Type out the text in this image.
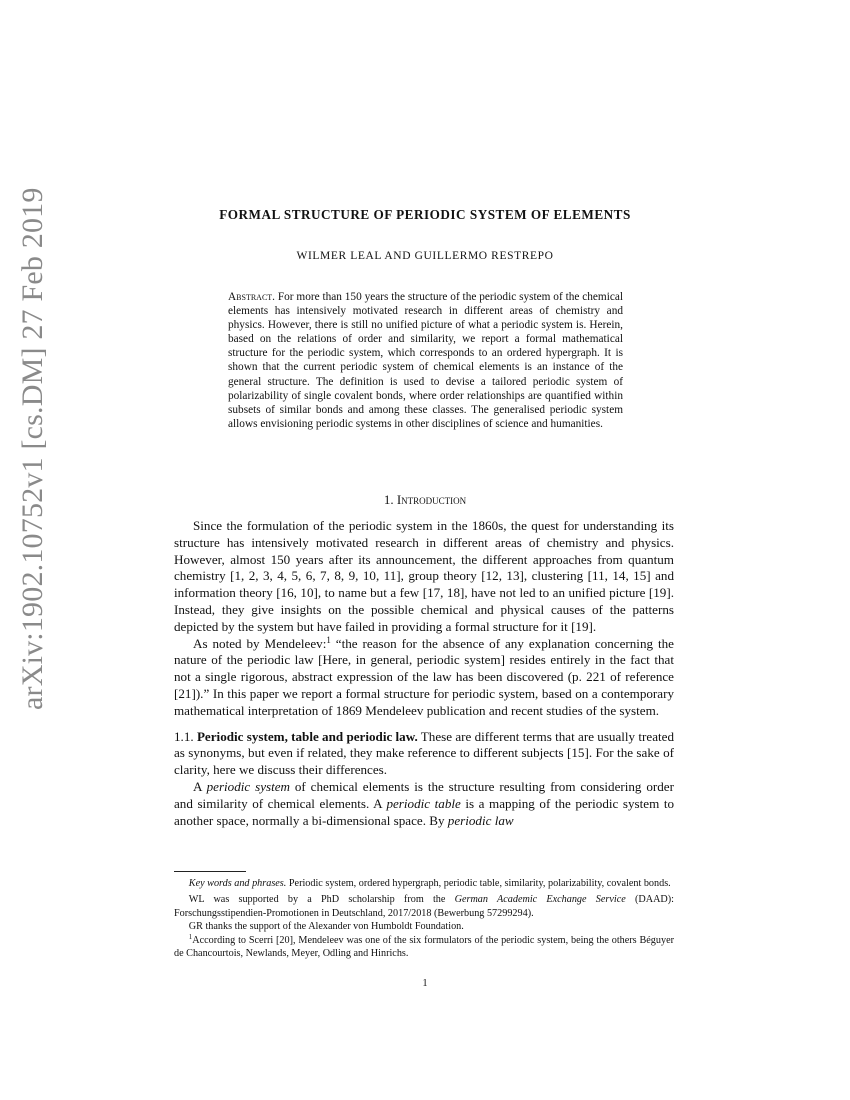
arXiv:1902.10752v1 [cs.DM] 27 Feb 2019	FORMAL STRUCTURE OF PERIODIC SYSTEM OF ELEMENTS
WILMER LEAL AND GUILLERMO RESTREPO
Abstract. For more than 150 years the structure of the periodic system of the chemical elements has intensively motivated research in different areas of chemistry and physics. However, there is still no unified picture of what a periodic system is. Herein, based on the relations of order and similarity, we report a formal mathematical structure for the periodic system, which corresponds to an ordered hypergraph. It is shown that the current periodic system of chemical elements is an instance of the general structure. The definition is used to devise a tailored periodic system of polarizability of single covalent bonds, where order relationships are quantified within subsets of similar bonds and among these classes. The generalised periodic system allows envisioning periodic systems in other disciplines of science and humanities.
1. Introduction

Since the formulation of the periodic system in the 1860s, the quest for understanding its structure has intensively motivated research in different areas of chemistry and physics. However, almost 150 years after its announcement, the different approaches from quantum chemistry [1, 2, 3, 4, 5, 6, 7, 8, 9, 10, 11], group theory [12, 13], clustering [11, 14, 15] and information theory [16, 10], to name but a few [17, 18], have not led to an unified picture [19]. Instead, they give insights on the possible chemical and physical causes of the patterns depicted by the system but have failed in providing a formal structure for it [19].

As noted by Mendeleev:$^1$ “the reason for the absence of any explanation concerning the nature of the periodic law [Here, in general, periodic system] resides entirely in the fact that not a single rigorous, abstract expression of the law has been discovered (p. 221 of reference [21]).” In this paper we report a formal structure for periodic system, based on a contemporary mathematical interpretation of 1869 Mendeleev publication and recent studies of the system.

1.1. Periodic system, table and periodic law. These are different terms that are usually treated as synonyms, but even if related, they make reference to different subjects [15]. For the sake of clarity, here we discuss their differences.

A periodic system of chemical elements is the structure resulting from considering order and similarity of chemical elements. A periodic table is a mapping of the periodic system to another space, normally a bi-dimensional space. By periodic law

Key words and phrases. Periodic system, ordered hypergraph, periodic table, similarity, polarizability, covalent bonds.

WL was supported by a PhD scholarship from the German Academic Exchange Service (DAAD): Forschungsstipendien-Promotionen in Deutschland, 2017/2018 (Bewerbung 57299294).

GR thanks the support of the Alexander von Humboldt Foundation.

$^1$According to Scerri [20], Mendeleev was one of the six formulators of the periodic system, being the others Béguyer de Chancourtois, Newlands, Meyer, Odling and Hinrichs.

1
